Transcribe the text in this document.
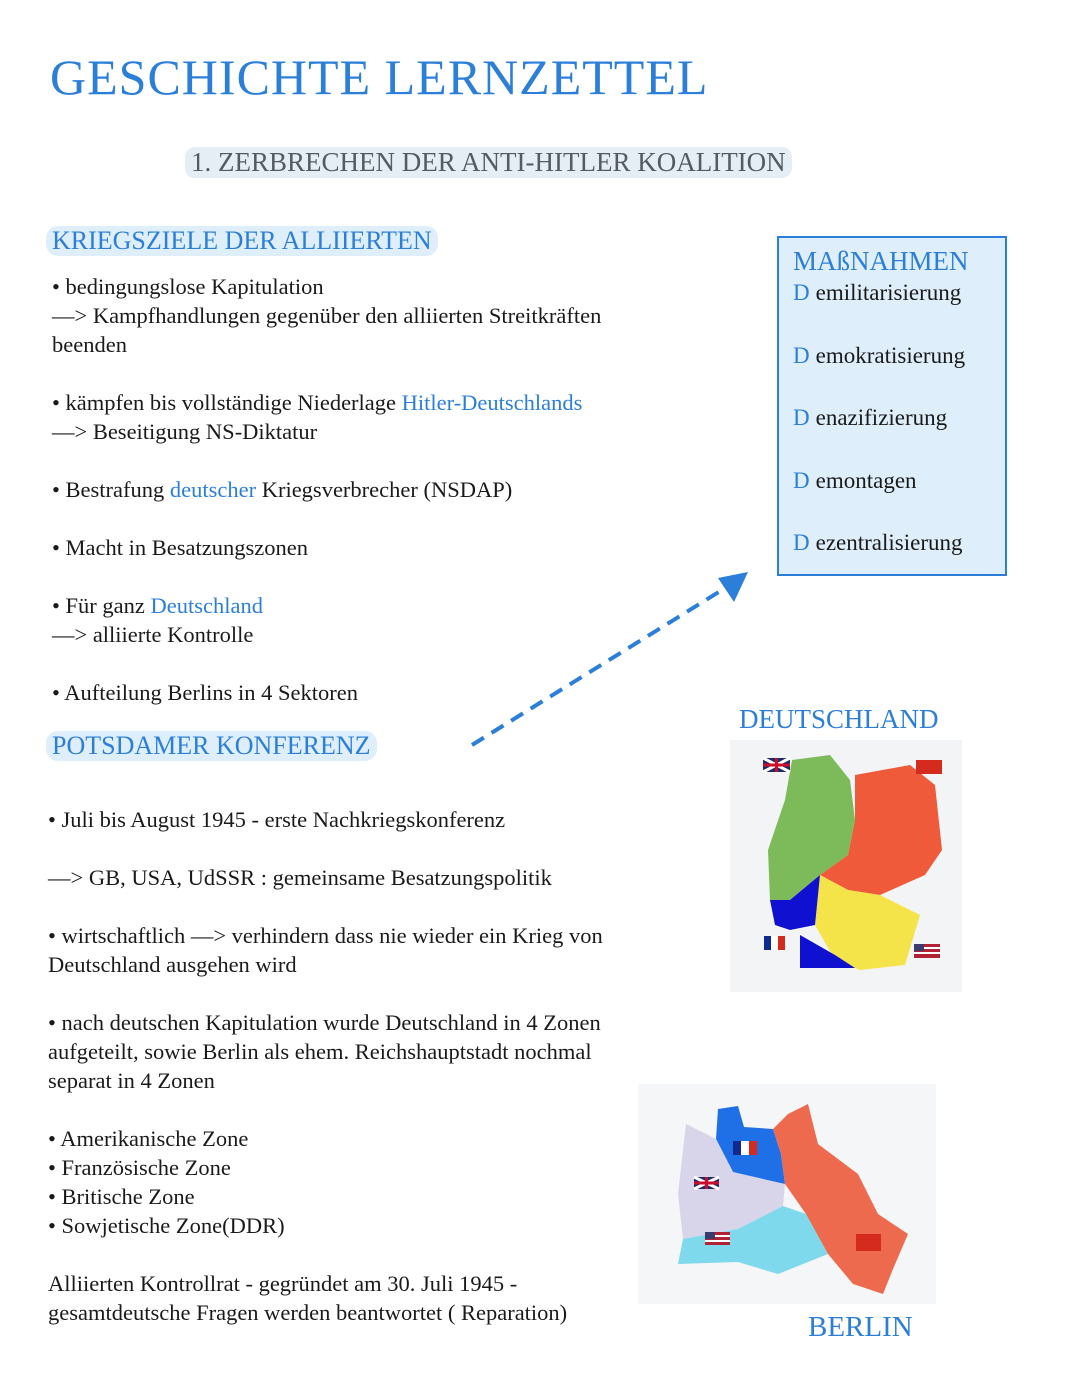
GESCHICHTE LERNZETTEL
1. ZERBRECHEN DER ANTI-HITLER KOALITION
KRIEGSZIELE DER ALLIIERTEN

• bedingungslose Kapitulation
—> Kampfhandlungen gegenüber den alliierten Streitkräften
beenden

• kämpfen bis vollständige Niederlage Hitler-Deutschlands
—> Beseitigung NS-Diktatur

• Bestrafung deutscher Kriegsverbrecher (NSDAP)

• Macht in Besatzungszonen

• Für ganz Deutschland
—> alliierte Kontrolle

• Aufteilung Berlins in 4 Sektoren

MAßNAHMEN
D emilitarisierung
D emokratisierung
D enazifizierung
D emontagen
D ezentralisierung
POTSDAMER KONFERENZ

• Juli bis August 1945 - erste Nachkriegskonferenz

—> GB, USA, UdSSR : gemeinsame Besatzungspolitik

• wirtschaftlich —> verhindern dass nie wieder ein Krieg von
Deutschland ausgehen wird

• nach deutschen Kapitulation wurde Deutschland in 4 Zonen
aufgeteilt, sowie Berlin als ehem. Reichshauptstadt nochmal
separat in 4 Zonen

• Amerikanische Zone
• Französische Zone
• Britische Zone
• Sowjetische Zone(DDR)

Alliierten Kontrollrat - gegründet am 30. Juli 1945 -
gesamtdeutsche Fragen werden beantwortet ( Reparation)

DEUTSCHLAND
BERLIN
